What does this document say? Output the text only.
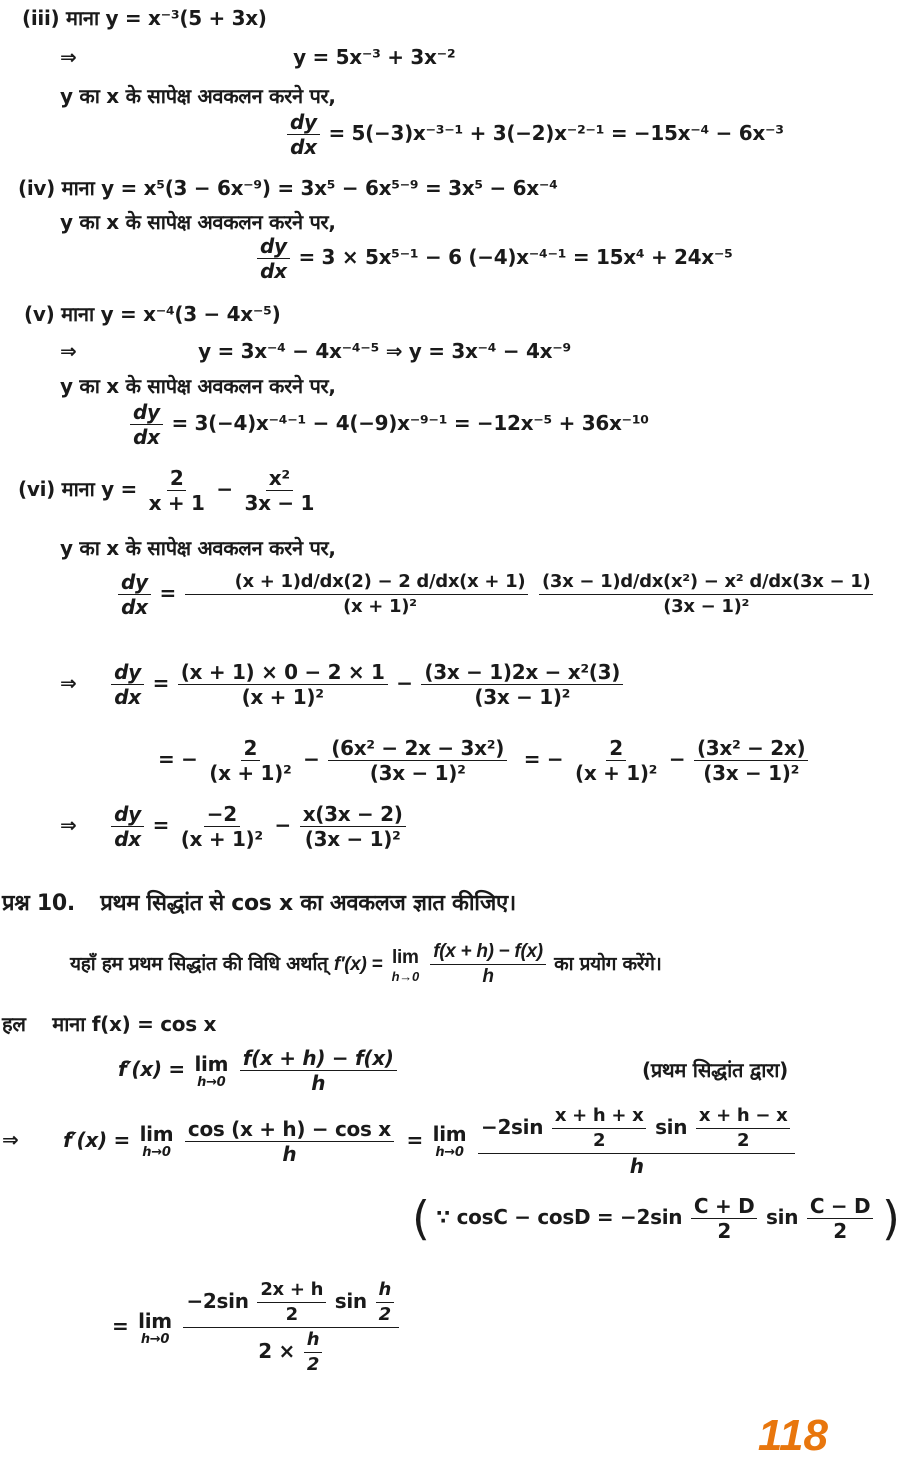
(iii) माना y = x⁻³(5 + 3x)
⇒	y = 5x⁻³ + 3x⁻²
y का x के सापेक्ष अवकलन करने पर,
$\frac{dy}{dx} = 5(-3)x^{-3-1} + 3(-2)x^{-2-1} = -15x^{-4} - 6x^{-3}$
(iv) माना y = x⁵(3 − 6x⁻⁹) = 3x⁵ − 6x⁵⁻⁹ = 3x⁵ − 6x⁻⁴
y का x के सापेक्ष अवकलन करने पर,
$\frac{dy}{dx} = 3 \times 5x^{5-1} - 6$ (−4)x⁻⁴⁻¹ = 15x⁴ + 24x⁻⁵
(v) माना y = x⁻⁴(3 − 4x⁻⁵)
⇒	y = 3x⁻⁴ − 4x⁻⁴⁻⁵ ⇒ y = 3x⁻⁴ − 4x⁻⁹
y का x के सापेक्ष अवकलन करने पर,
$\frac{dy}{dx} = 3(-4)x^{-4-1} - 4(-9)x^{-9-1} = -12x^{-5} + 36x^{-10}$
(vi) माना $y = \frac{2}{x + 1} - \frac{\text{x²}}{3x - 1}$
y का x के सापेक्ष अवकलन करने पर,
$\frac{dy}{dx} = \frac{(x + 1)d/dx(2) - 2 d/dx(x + 1)}{\text{(x + 1)²}}$
$\frac{\text{(3x − 1)d/dx(x²) − x² d/dx(3x − 1)}}{\text{(3x − 1)²}}$
⇒ $\frac{dy}{dx} = \frac{(x + 1) \times 0 - 2 \times 1}{\text{(x + 1)²}} - \frac{\text{(3x − 1)2x − x²(3)}}{\text{(3x − 1)²}}$
= − $\frac{2}{\text{(x + 1)²}} - \frac{\text{(6x² − 2x − 3x²)}}{\text{(3x − 1)²}}$ = − $\frac{2}{\text{(x + 1)²}} - \frac{\text{(3x² − 2x)}}{\text{(3x − 1)²}}$
⇒ $\frac{dy}{dx} = \frac{-2}{\text{(x + 1)²}} - \frac{x(3x - 2)}{\text{(3x − 1)²}}$
प्रश्न 10. प्रथम सिद्धांत से cos x का अवकलज ज्ञात कीजिए।
यहाँ हम प्रथम सिद्धांत की विधि अर्थात् f′(x) = lim
h→0
$\frac{f(x + h) - f(x)}{h}$ का प्रयोग करेंगे।
हल माना f(x) = cos x
f′(x) = lim
h→0
$\frac{f(x + h) - f(x)}{h}$	(प्रथम सिद्धांत द्वारा)
⇒ f′(x) = lim
h→0
$\frac{\text{cos (x + h) − cos x}}{h} = \lim$
h→0
$\frac{-2\sin \frac{x + h + x}{2} \sin \frac{x + h - x}{2}}{h}$
( ∵ $\cos C - \cos D = -2\sin \frac{C + D}{2}$ $\sin \frac{C - D}{2}$ )
= lim
h→0
$\frac{-2\sin \frac{2x + h}{2} \sin \frac{h}{2}}{2 \times \frac{h}{2}}$
118
